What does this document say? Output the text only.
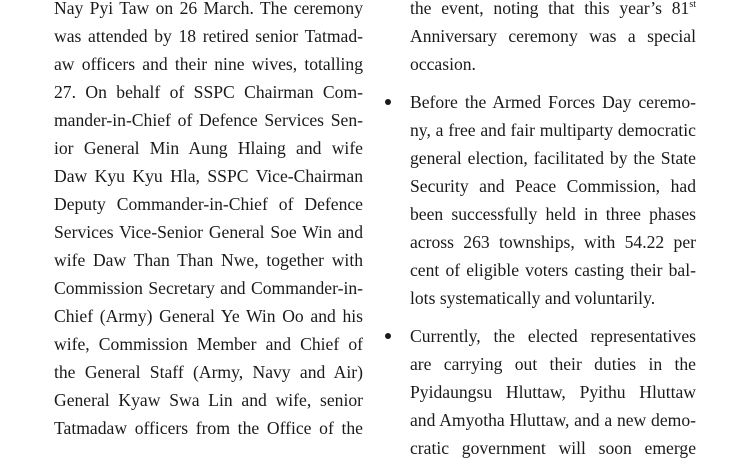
Nay Pyi Taw on 26 March. The ceremony
was attended by 18 retired senior Tatmad-
aw officers and their nine wives, totalling
27. On behalf of SSPC Chairman Com-
mander-in-Chief of Defence Services Sen-
ior General Min Aung Hlaing and wife
Daw Kyu Kyu Hla, SSPC Vice-Chairman
Deputy Commander-in-Chief of Defence
Services Vice-Senior General Soe Win and
wife Daw Than Than Nwe, together with
Commission Secretary and Commander-in-
Chief (Army) General Ye Win Oo and his
wife, Commission Member and Chief of
the General Staff (Army, Navy and Air)
General Kyaw Swa Lin and wife, senior
Tatmadaw officers from the Office of the
the event, noting that this year’s 81st
Anniversary ceremony was a special
occasion.
Before the Armed Forces Day ceremo-
ny, a free and fair multiparty democratic
general election, facilitated by the State
Security and Peace Commission, had
been successfully held in three phases
across 263 townships, with 54.22 per
cent of eligible voters casting their bal-
lots systematically and voluntarily.
Currently, the elected representatives
are carrying out their duties in the
Pyidaungsu Hluttaw, Pyithu Hluttaw
and Amyotha Hluttaw, and a new demo-
cratic government will soon emerge
